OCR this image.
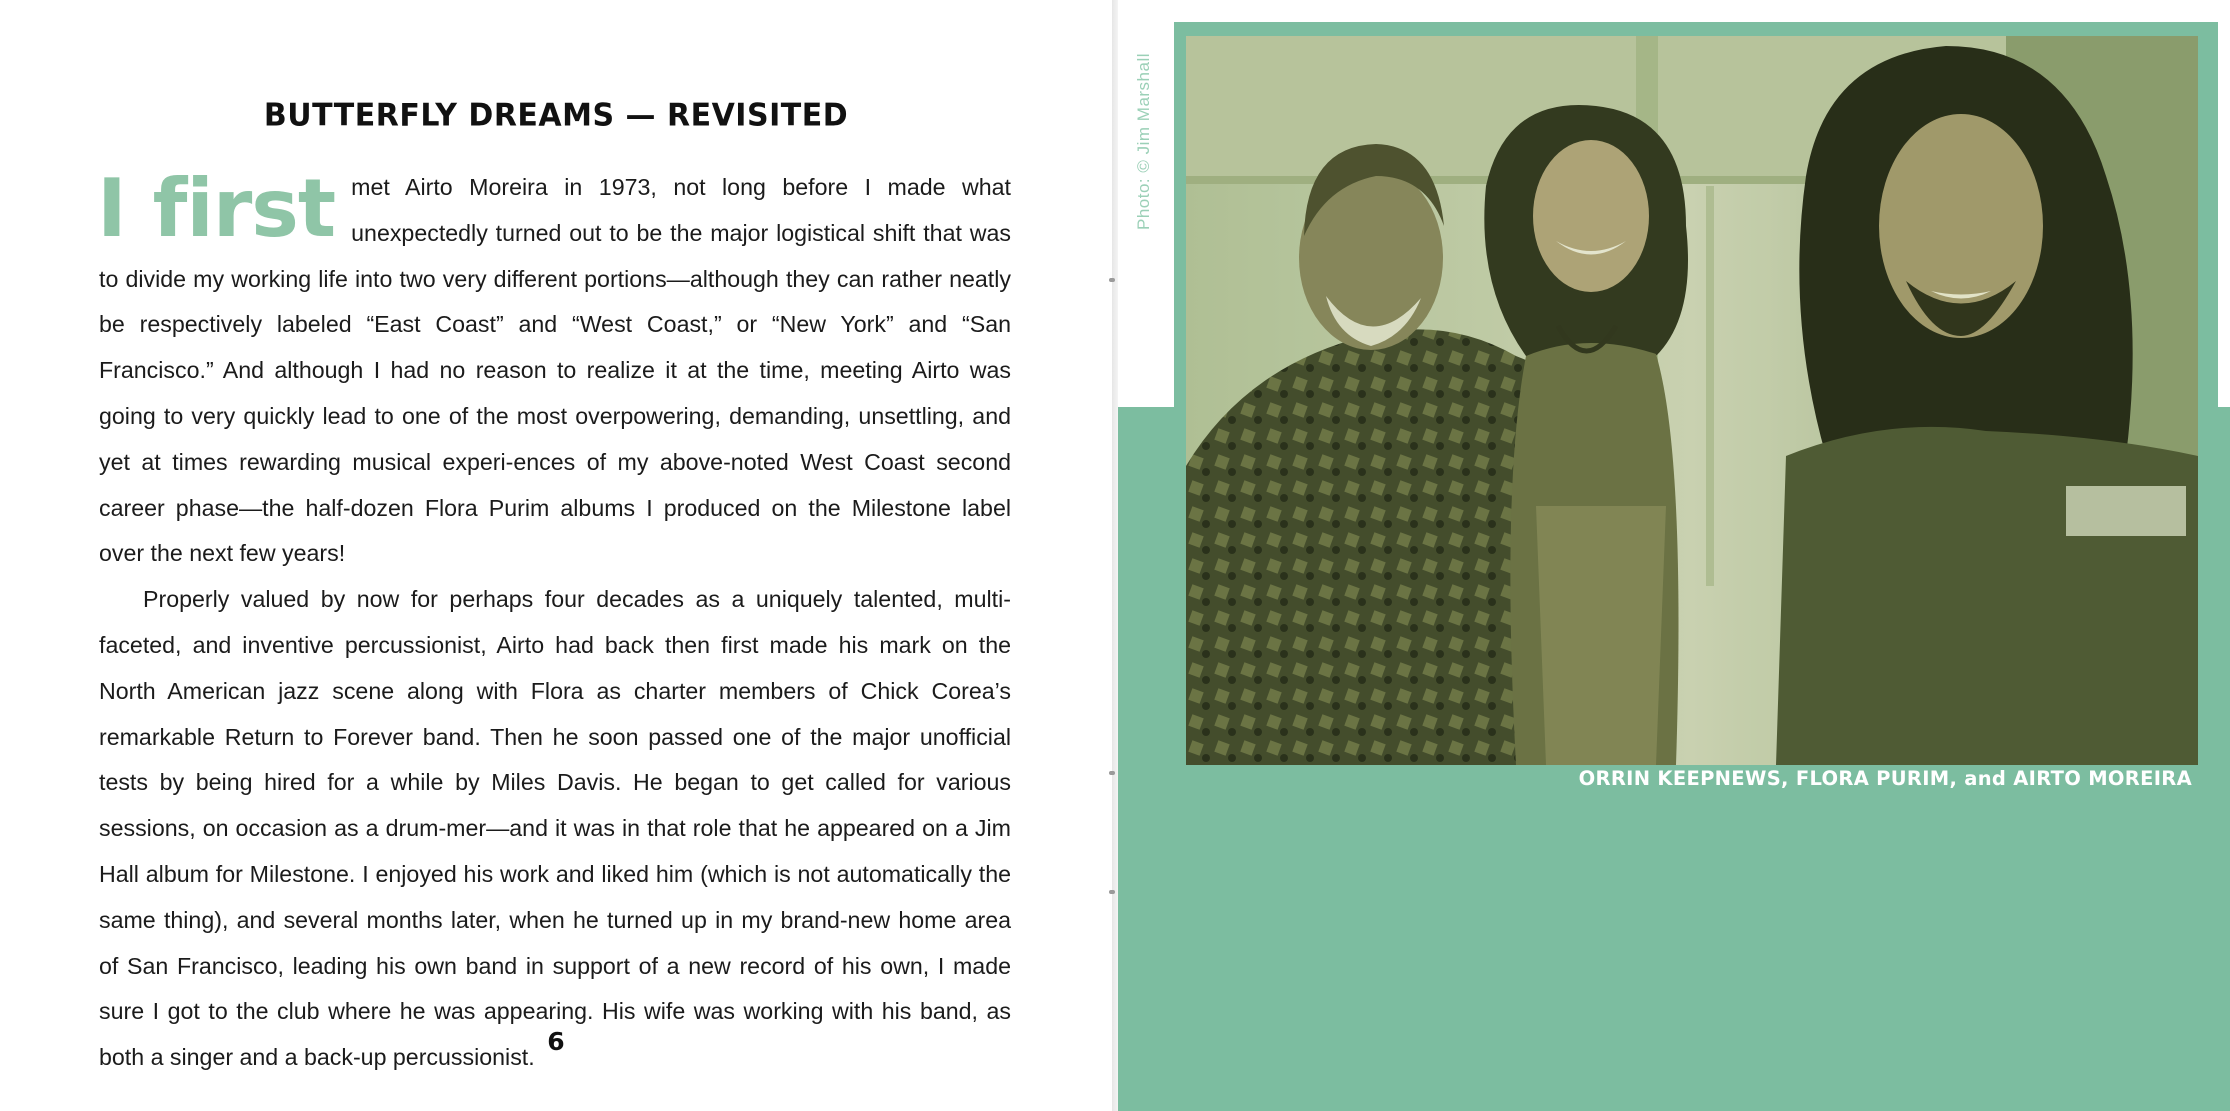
BUTTERFLY DREAMS — REVISITED

I first met Airto Moreira in 1973, not long before I made what unexpectedly turned out to be the major logistical shift that was to divide my working life into two very different portions—although they can rather neatly be respectively labeled “East Coast” and “West Coast,” or “New York” and “San Francisco.” And although I had no reason to realize it at the time, meeting Airto was going to very quickly lead to one of the most overpowering, demanding, unsettling, and yet at times rewarding musical experi-ences of my above-noted West Coast second career phase—the half-dozen Flora Purim albums I produced on the Milestone label over the next few years!

Properly valued by now for perhaps four decades as a uniquely talented, multi-faceted, and inventive percussionist, Airto had back then first made his mark on the North American jazz scene along with Flora as charter members of Chick Corea’s remarkable Return to Forever band. Then he soon passed one of the major unofficial tests by being hired for a while by Miles Davis. He began to get called for various sessions, on occasion as a drum-mer—and it was in that role that he appeared on a Jim Hall album for Milestone. I enjoyed his work and liked him (which is not automatically the same thing), and several months later, when he turned up in my brand-new home area of San Francisco, leading his own band in support of a new record of his own, I made sure I got to the club where he was appearing. His wife was working with his band, as both a singer and a back-up percussionist.

6
Photo: © Jim Marshall
ORRIN KEEPNEWS, FLORA PURIM, and AIRTO MOREIRA
